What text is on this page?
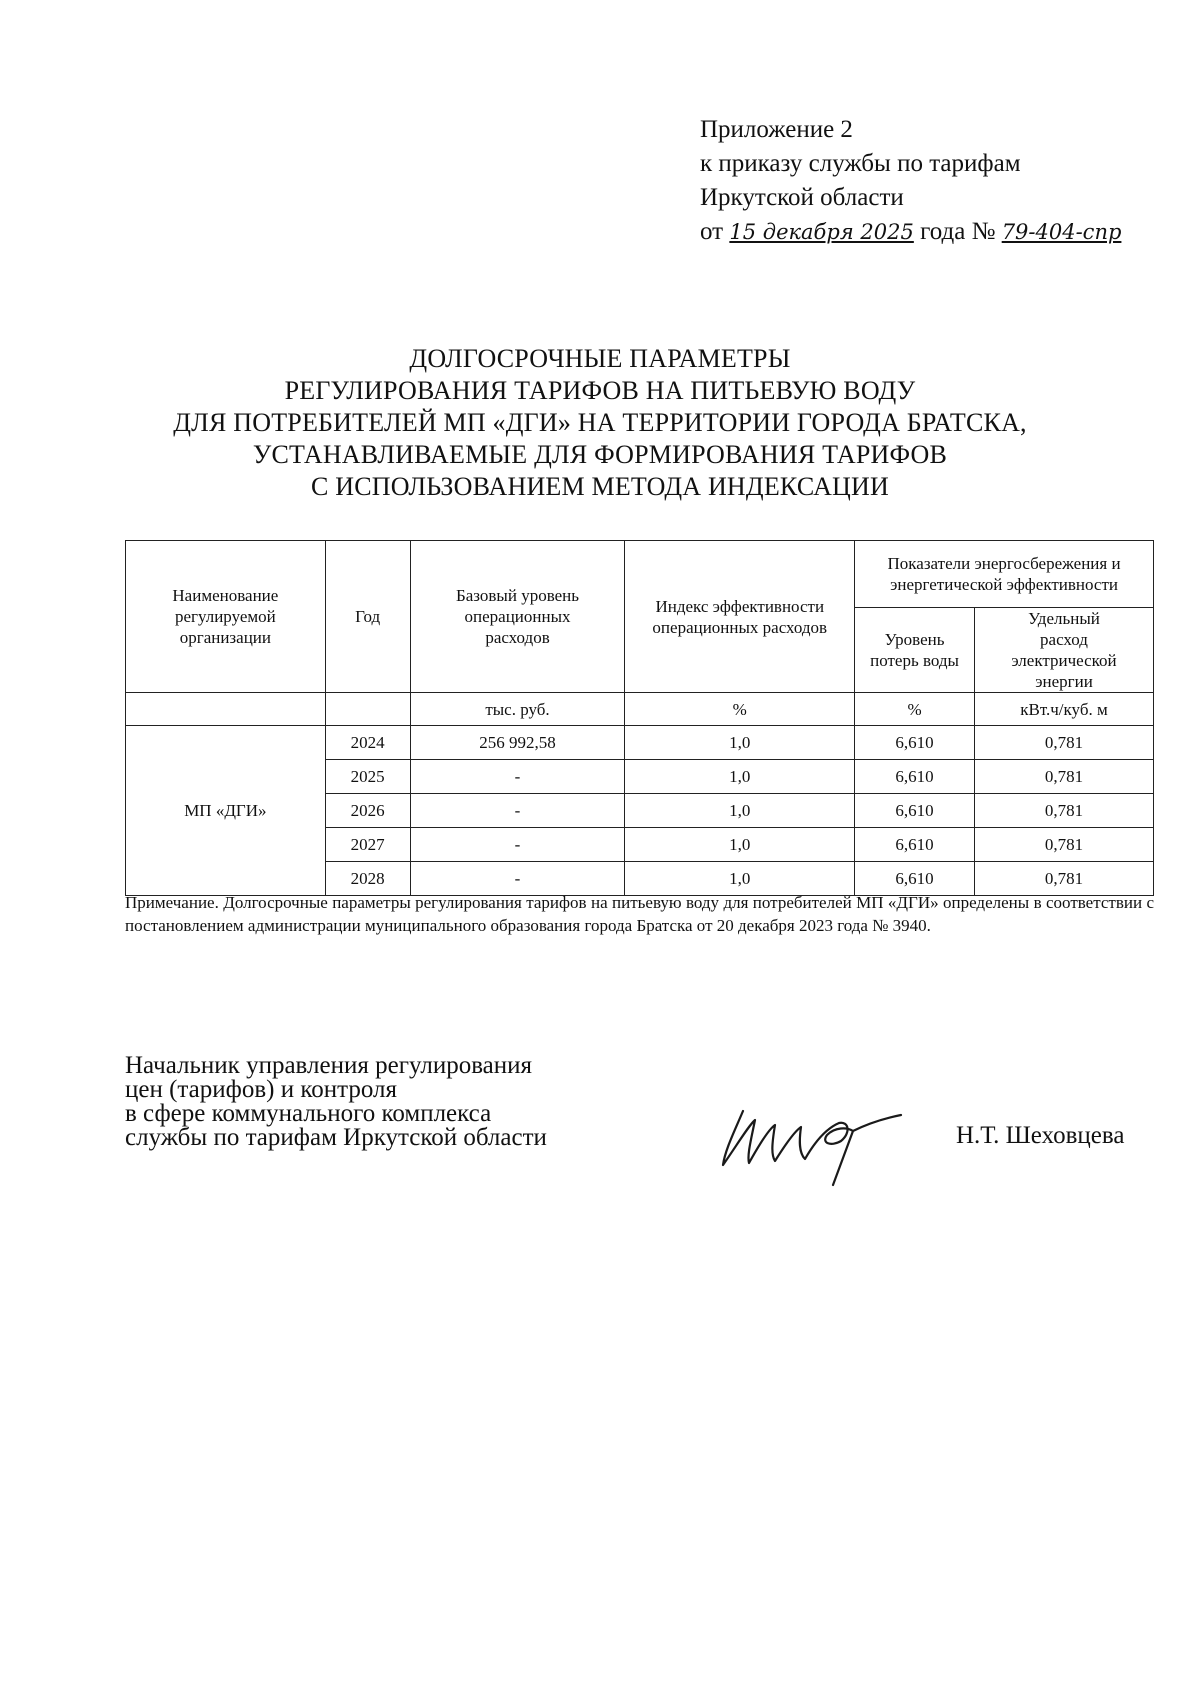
Приложение 2
к приказу службы по тарифам
Иркутской области
от 15 декабря 2025 года № 79-404-спр
ДОЛГОСРОЧНЫЕ ПАРАМЕТРЫ
РЕГУЛИРОВАНИЯ ТАРИФОВ НА ПИТЬЕВУЮ ВОДУ
ДЛЯ ПОТРЕБИТЕЛЕЙ МП «ДГИ» НА ТЕРРИТОРИИ ГОРОДА БРАТСКА,
УСТАНАВЛИВАЕМЫЕ ДЛЯ ФОРМИРОВАНИЯ ТАРИФОВ
С ИСПОЛЬЗОВАНИЕМ МЕТОДА ИНДЕКСАЦИИ
Наименование регулируемой организации	Год	Базовый уровень операционных расходов	Индекс эффективности операционных расходов	Показатели энергосбережения и энергетической эффективности	
				Уровень потерь воды	Удельный расход электрической энергии
		тыс. руб.	%	%	кВт.ч/куб. м
МП «ДГИ»	2024	256 992,58	1,0	6,610	0,781
	2025	-	1,0	6,610	0,781
	2026	-	1,0	6,610	0,781
	2027	-	1,0	6,610	0,781
	2028	-	1,0	6,610	0,781
Примечание. Долгосрочные параметры регулирования тарифов на питьевую воду для потребителей МП «ДГИ» определены в соответствии с постановлением администрации муниципального образования города Братска от 20 декабря 2023 года № 3940.
Начальник управления регулирования
цен (тарифов) и контроля
в сфере коммунального комплекса
службы по тарифам Иркутской области	Н.Т. Шеховцева
